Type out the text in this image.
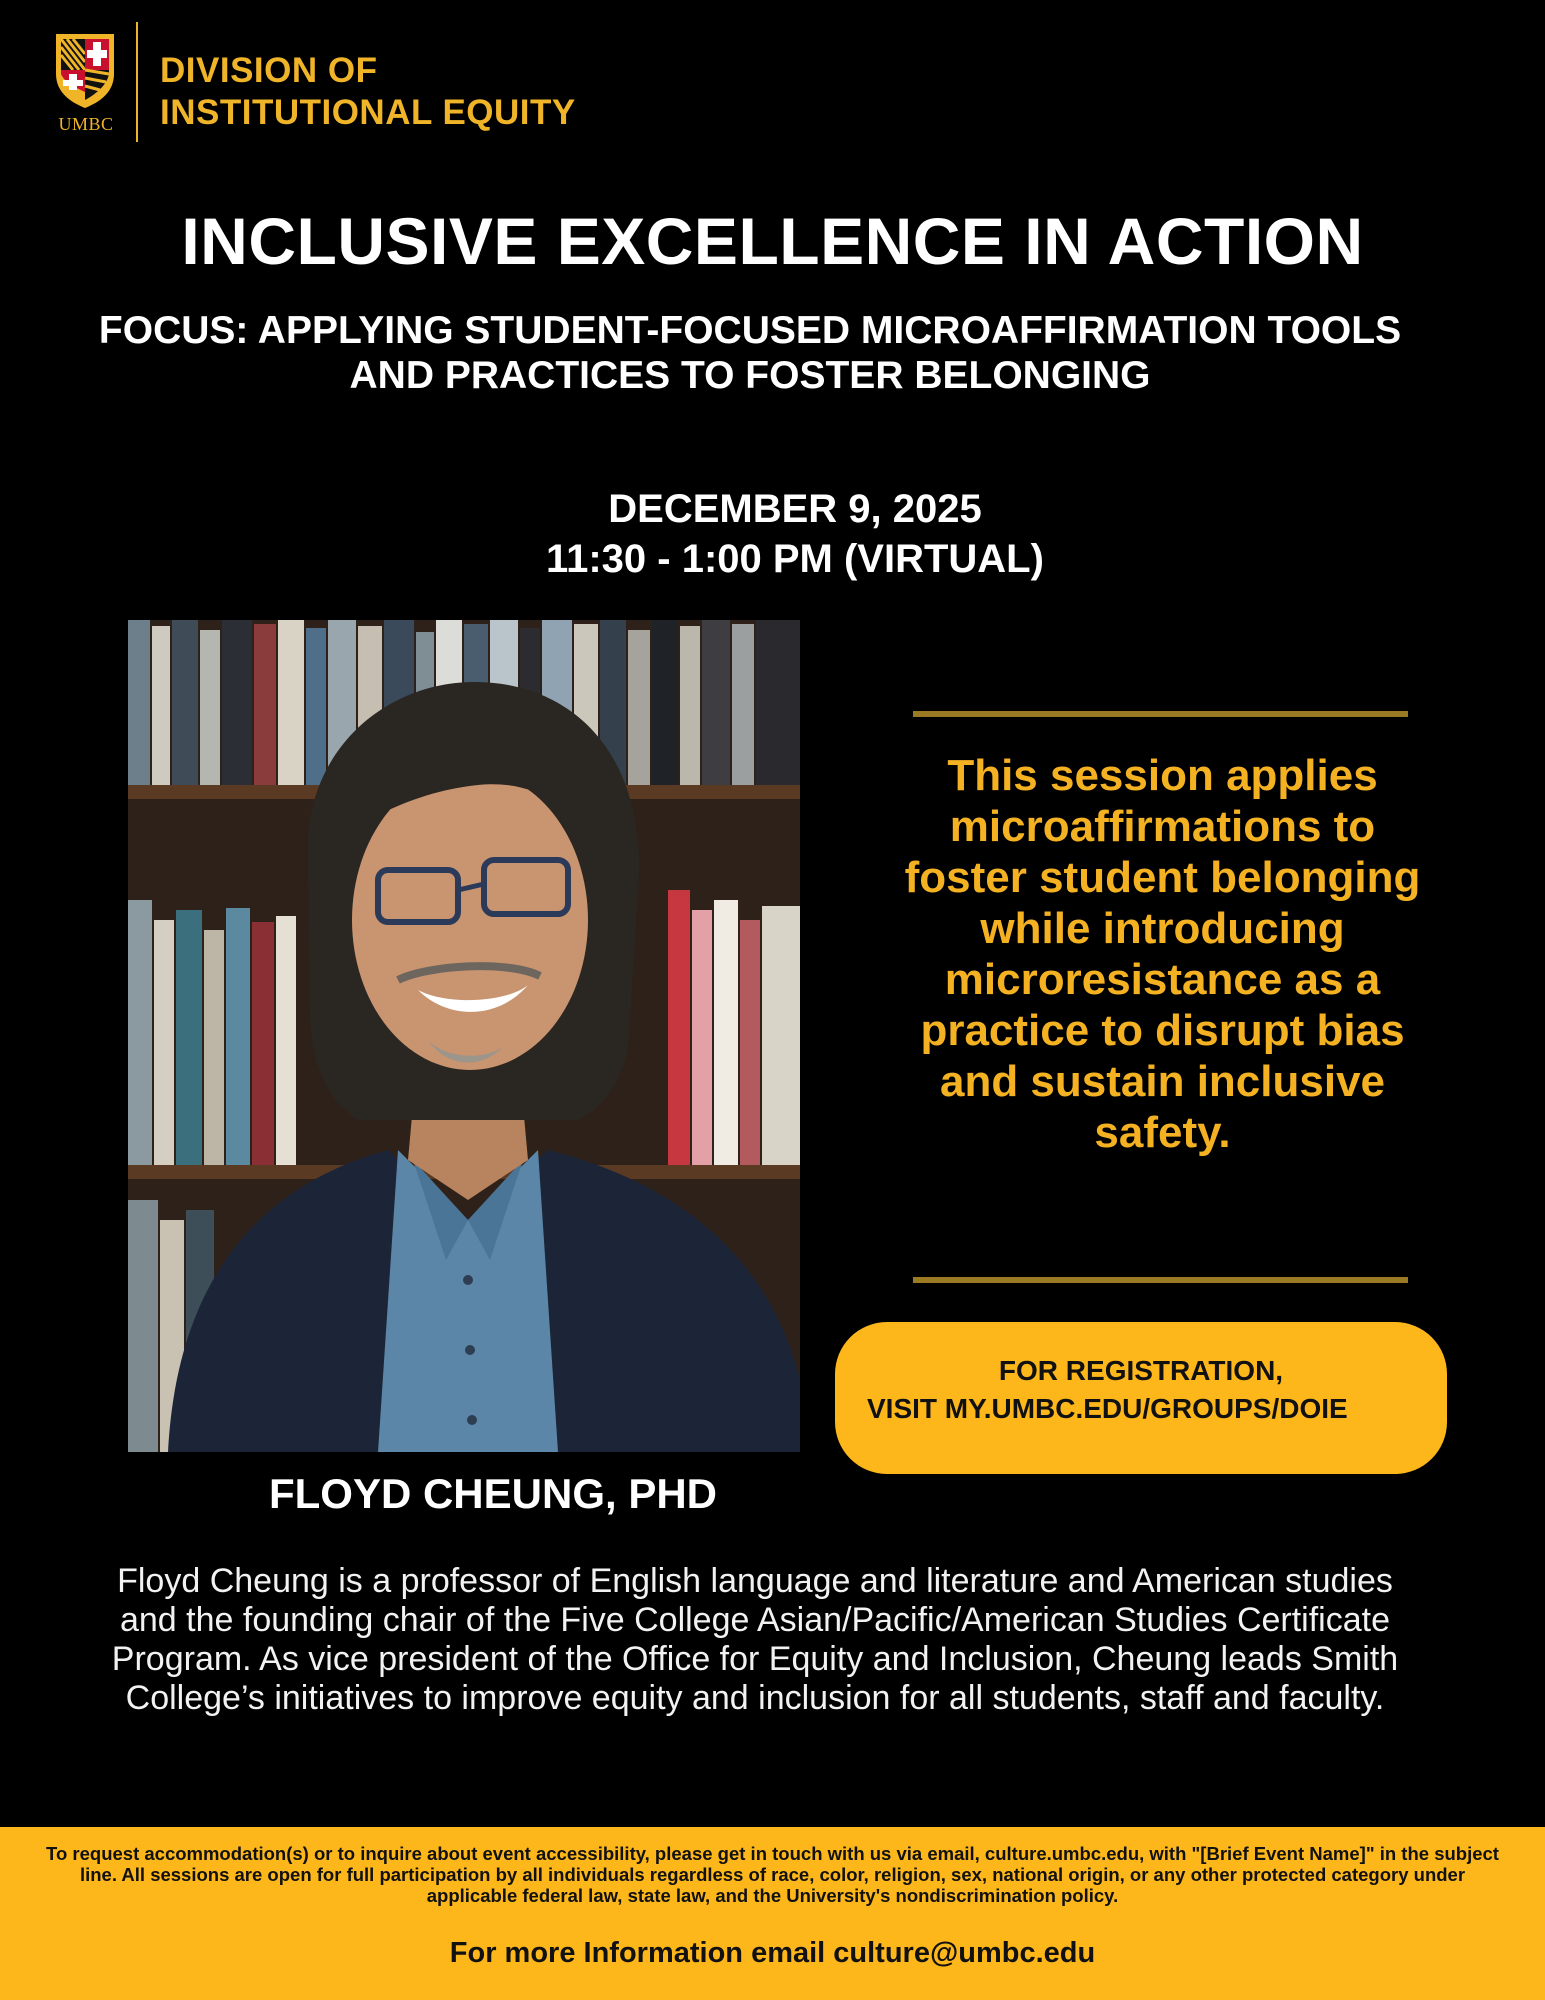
UMBC
DIVISION OF
INSTITUTIONAL EQUITY
INCLUSIVE EXCELLENCE IN ACTION
FOCUS: APPLYING STUDENT-FOCUSED MICROAFFIRMATION TOOLS AND PRACTICES TO FOSTER BELONGING
DECEMBER 9, 2025
11:30 - 1:00 PM (VIRTUAL)
FLOYD CHEUNG, PHD
This session applies microaffirmations to foster student belonging while introducing microresistance as a practice to disrupt bias and sustain inclusive safety.
FOR REGISTRATION,
VISIT MY.UMBC.EDU/GROUPS/DOIE
Floyd Cheung is a professor of English language and literature and American studies and the founding chair of the Five College Asian/Pacific/American Studies Certificate Program. As vice president of the Office for Equity and Inclusion, Cheung leads Smith College’s initiatives to improve equity and inclusion for all students, staff and faculty.
To request accommodation(s) or to inquire about event accessibility, please get in touch with us via email, culture.umbc.edu, with "[Brief Event Name]" in the subject line. All sessions are open for full participation by all individuals regardless of race, color, religion, sex, national origin, or any other protected category under applicable federal law, state law, and the University's nondiscrimination policy.
For more Information email culture@umbc.edu
